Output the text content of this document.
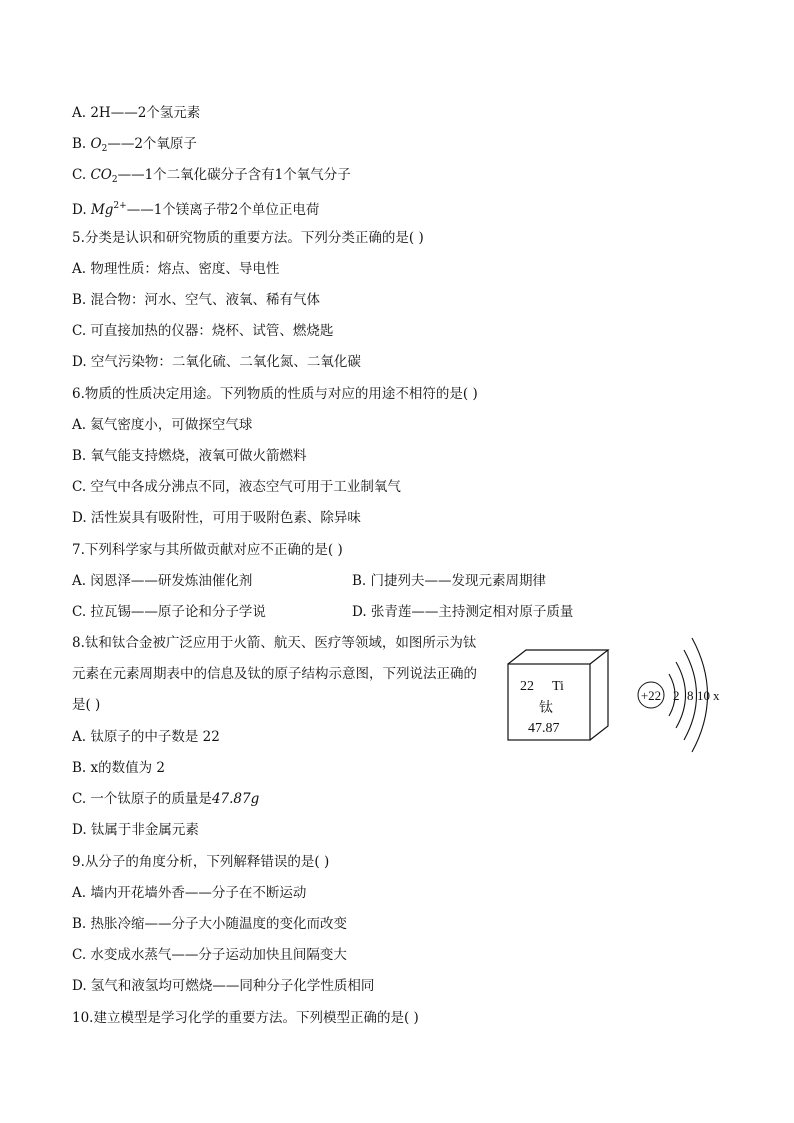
A. 2H——2个氢元素
B. $O_2——2$个氧原子
C. $CO_2——1$个二氧化碳分子含有1个氧气分子
D. $Mg^{2+}——1$个镁离子带2个单位正电荷
5.分类是认识和研究物质的重要方法。下列分类正确的是( )
A. 物理性质：熔点、密度、导电性
B. 混合物：河水、空气、液氧、稀有气体
C. 可直接加热的仪器：烧杯、试管、燃烧匙
D. 空气污染物：二氧化硫、二氧化氮、二氧化碳
6.物质的性质决定用途。下列物质的性质与对应的用途不相符的是( )
A. 氦气密度小，可做探空气球
B. 氧气能支持燃烧，液氧可做火箭燃料
C. 空气中各成分沸点不同，液态空气可用于工业制氧气
D. 活性炭具有吸附性，可用于吸附色素、除异味
7.下列科学家与其所做贡献对应不正确的是( )
A. 闵恩泽——研发炼油催化剂	B. 门捷列夫——发现元素周期律
C. 拉瓦锡——原子论和分子学说	D. 张青莲——主持测定相对原子质量
8.钛和钛合金被广泛应用于火箭、航天、医疗等领域，如图所示为钛
元素在元素周期表中的信息及钛的原子结构示意图，下列说法正确的
是( )
A. 钛原子的中子数是 22
B. x的数值为 2
C. 一个钛原子的质量是47.87g
D. 钛属于非金属元素
22 Ti
钛
47.87
+22 2 8 10 x
9.从分子的角度分析，下列解释错误的是( )
A. 墙内开花墙外香——分子在不断运动
B. 热胀冷缩——分子大小随温度的变化而改变
C. 水变成水蒸气——分子运动加快且间隔变大
D. 氢气和液氢均可燃烧——同种分子化学性质相同
10.建立模型是学习化学的重要方法。下列模型正确的是( )
